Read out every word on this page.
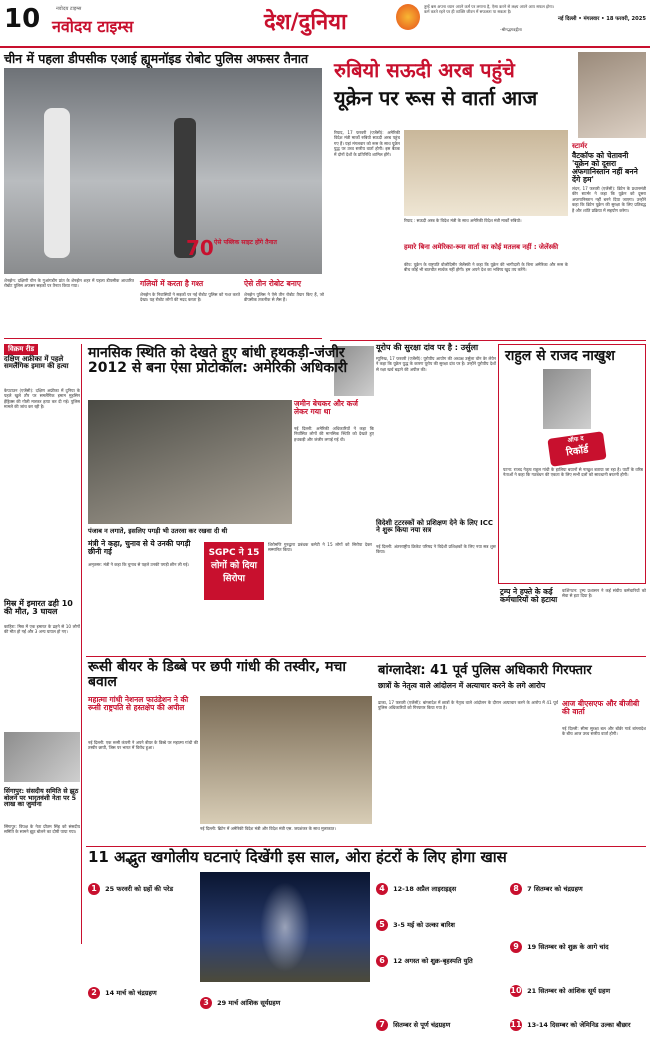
10	नवोदय टाइम्स
नवोदय टाइम्स	देश/दुनिया
तुम्हें बस अपना ध्यान अपने कर्म पर लगाना है, ऐसा करने से लक्ष्य अपने आप सफल होगा। कर्म करते रहने पर ही व्यक्ति जीवन में सफलता पा सकता है।
नई दिल्ली • मंगलवार • 18 फरवरी, 2025
-श्रीमद्भगवद्गीता
चीन में पहला डीपसीक एआई ह्यूमनॉइड रोबोट पुलिस अफसर तैनात
70 ऐसे पब्लिक साइट होंगे तैनात
शेनझेन: दक्षिणी चीन के गुआंगडोंग प्रांत के शेनझेन शहर में पहला डीपसीक आधारित रोबोट पुलिस अफसर सड़कों पर तैनात किया गया।	गलियों में करता है गश्त
शेनझेन के निवासियों ने सड़कों पर नई रोबोट पुलिस को गश्त करते देखा। यह रोबोट लोगों की मदद करता है।
ऐसे तीन रोबोट बनाए
शेनझेन पुलिस ने ऐसे तीन रोबोट तैयार किए हैं, जो डीपसीक तकनीक से लैस हैं।
रुबियो सऊदी अरब पहुंचे
यूक्रेन पर रूस से वार्ता आज
रियाद, 17 फरवरी (एजेंसी): अमेरिकी विदेश मंत्री मार्को रुबियो सऊदी अरब पहुंच गए हैं। यहां मंगलवार को रूस के साथ यूक्रेन युद्ध पर उच्च स्तरीय वार्ता होगी। इस बैठक में दोनों देशों के प्रतिनिधि शामिल होंगे।
रियाद : सऊदी अरब के विदेश मंत्री के साथ अमेरिकी विदेश मंत्री मार्को रुबियो।
हमारे बिना अमेरिका-रूस वार्ता का कोई मतलब नहीं : जेलेंस्की
कीव: यूक्रेन के राष्ट्रपति वोलोदिमीर जेलेंस्की ने कहा कि यूक्रेन की भागीदारी के बिना अमेरिका और रूस के बीच कोई भी बातचीत सार्थक नहीं होगी। हम अपने देश का भविष्य खुद तय करेंगे।
स्टार्मर
वैटकॉफ को चेतावनी 'यूक्रेन को दूसरा अफगानिस्तान नहीं बनने देंगे हम'
लंदन, 17 फरवरी (एजेंसी): ब्रिटेन के प्रधानमंत्री कीर स्टार्मर ने कहा कि यूक्रेन को दूसरा अफगानिस्तान नहीं बनने दिया जाएगा। उन्होंने कहा कि ब्रिटेन यूक्रेन की सुरक्षा के लिए प्रतिबद्ध है और शांति प्रक्रिया में सहयोग करेगा।
यूरोप की सुरक्षा दांव पर है : उर्सुला
म्यूनिख, 17 फरवरी (एजेंसी): यूरोपीय आयोग की अध्यक्ष उर्सुला वॉन डेर लेयेन ने कहा कि यूक्रेन युद्ध के कारण यूरोप की सुरक्षा दांव पर है। उन्होंने यूरोपीय देशों से रक्षा खर्च बढ़ाने की अपील की।
राहुल से राजद नाखुश
ऑफ द
रिकॉर्ड
पटना: राजद नेतृत्व राहुल गांधी के हालिया बयानों से नाखुश बताया जा रहा है। पार्टी के वरिष्ठ नेताओं ने कहा कि गठबंधन की एकता के लिए सभी दलों को सावधानी बरतनी होगी।
विक्रम रीड
दक्षिण अफ्रीका में पहले समलैंगिक इमाम की हत्या
केपटाउन (एजेंसी): दक्षिण अफ्रीका में दुनिया के पहले खुले तौर पर समलैंगिक इमाम मुहसिन हेंड्रिक्स की गोली मारकर हत्या कर दी गई। पुलिस मामले की जांच कर रही है।
मिस्र में इमारत ढही 10 की मौत, 3 घायल
काहिरा: मिस्र में एक इमारत के ढहने से 10 लोगों की मौत हो गई और 3 अन्य घायल हो गए।
सिंगापुर: संसदीय समिति से झूठ बोलने पर भारतवंशी नेता पर 5 लाख का जुर्माना
सिंगापुर: विपक्ष के नेता प्रीतम सिंह को संसदीय समिति के सामने झूठ बोलने का दोषी पाया गया।
मानसिक स्थिति को देखते हुए बांधी हथकड़ी-जंजीर 2012 से बना ऐसा प्रोटोकॉल: अमेरिकी अधिकारी
जमीन बेचकर और कर्ज लेकर गया था
पंजाब न लगाते, इसलिए पगड़ी भी उतरवा कर रखवा दी थी
नई दिल्ली: अमेरिकी अधिकारियों ने कहा कि निर्वासित लोगों की मानसिक स्थिति को देखते हुए हथकड़ी और जंजीर लगाई गई थी।
विदेशी टटरस्कों को प्रशिक्षण देने के लिए ICC ने शुरू किया नया सत्र
नई दिल्ली: अंतरराष्ट्रीय क्रिकेट परिषद ने विदेशी प्रशिक्षकों के लिए नया सत्र शुरू किया।
ट्रम्प ने हफ्ते के कई कर्मचारियों को हटाया
वाशिंगटन: ट्रम्प प्रशासन ने कई संघीय कर्मचारियों को सेवा से हटा दिया है।
मंत्री ने कहा, चुनाव से ये उनकी पगड़ी छीनी गई
अमृतसर: मंत्री ने कहा कि चुनाव से पहले उनकी पगड़ी छीन ली गई।
SGPC ने 15 लोगों को दिया सिरोपा
शिरोमणि गुरुद्वारा प्रबंधक कमेटी ने 15 लोगों को सिरोपा देकर सम्मानित किया।
रूसी बीयर के डिब्बे पर छपी गांधी की तस्वीर, मचा बवाल
महात्मा गांधी नेशनल फाउंडेशन ने की रूसी राष्ट्रपति से हस्तक्षेप की अपील
नई दिल्ली: एक रूसी कंपनी ने अपने बीयर के डिब्बे पर महात्मा गांधी की तस्वीर छापी, जिस पर भारत में विरोध हुआ।
नई दिल्ली: ब्रिटेन में अमेरिकी विदेश मंत्री और विदेश मंत्री एस. जयशंकर के साथ मुलाकात।
बांग्लादेश: 41 पूर्व पुलिस अधिकारी गिरफ्तार
छात्रों के नेतृत्व वाले आंदोलन में अत्याचार करने के लगे आरोप
ढाका, 17 फरवरी (एजेंसी): बांग्लादेश में छात्रों के नेतृत्व वाले आंदोलन के दौरान अत्याचार करने के आरोप में 41 पूर्व पुलिस अधिकारियों को गिरफ्तार किया गया है।	आज बीएसएफ और बीजीबी की वार्ता
नई दिल्ली: सीमा सुरक्षा बल और बॉर्डर गार्ड बांग्लादेश के बीच आज उच्च स्तरीय वार्ता होगी।
11 अद्भुत खगोलीय घटनाएं दिखेंगी इस साल, ओरा हंटरों के लिए होगा खास
1 25 फरवरी को ग्रहों की परेड
2 14 मार्च को चंद्रग्रहण
3 29 मार्च आंशिक सूर्यग्रहण
4 12-18 अप्रैल लाइराइड्स
5 3-5 मई को उल्का बारिश
6 12 अगस्त को शुक्र-बृहस्पति युति
7 सितम्बर से पूर्ण चंद्रग्रहण
8 7 सितम्बर को चंद्रग्रहण
9 19 सितम्बर को शुक्र के आगे चांद
10 21 सितम्बर को आंशिक सूर्य ग्रहण
11 13-14 दिसम्बर को जेमिनिड उल्का बौछार
